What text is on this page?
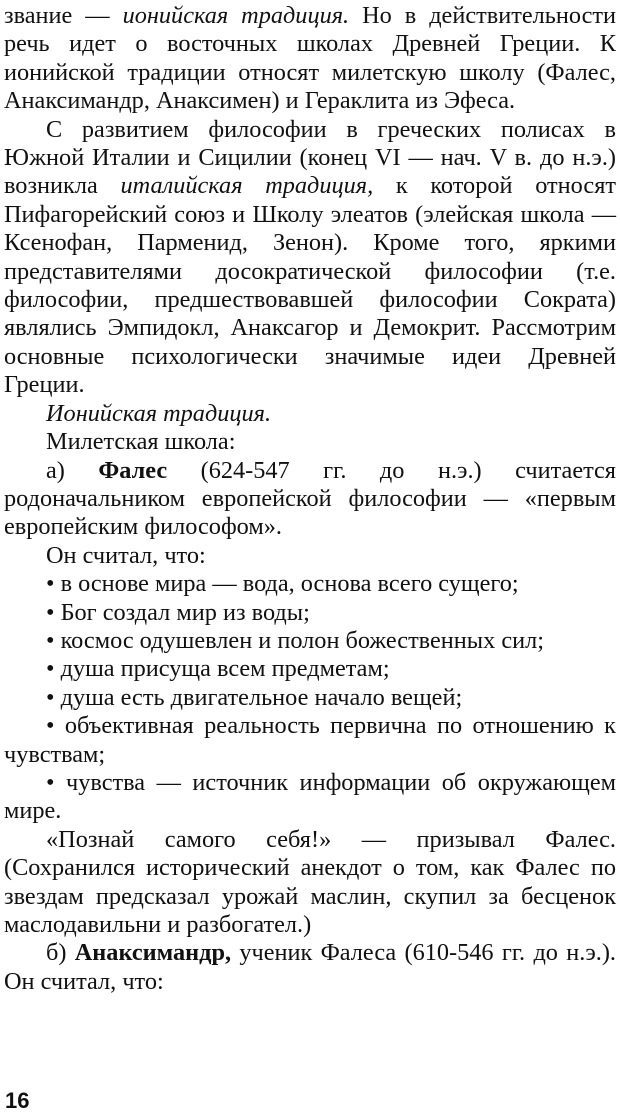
звание — ионийская традиция. Но в действительности речь идет о восточных школах Древней Греции. К ионийской традиции относят милетскую школу (Фалес, Анаксимандр, Анаксимен) и Гераклита из Эфеса.

С развитием философии в греческих полисах в Южной Италии и Сицилии (конец VI — нач. V в. до н.э.) возникла италийская традиция, к которой относят Пифагорейский союз и Школу элеатов (элейская школа — Ксенофан, Парменид, Зенон). Кроме того, яркими представителями досократической философии (т.е. философии, предшествовавшей философии Сократа) являлись Эмпидокл, Анаксагор и Демокрит. Рассмотрим основные психологически значимые идеи Древней Греции.

Ионийская традиция.

Милетская школа:

а) Фалес (624-547 гг. до н.э.) считается родоначальником европейской философии — «первым европейским философом».

Он считал, что:

• в основе мира — вода, основа всего сущего;

• Бог создал мир из воды;

• космос одушевлен и полон божественных сил;

• душа присуща всем предметам;

• душа есть двигательное начало вещей;

• объективная реальность первична по отношению к чувствам;

• чувства — источник информации об окружающем мире.

«Познай самого себя!» — призывал Фалес. (Сохранился исторический анекдот о том, как Фалес по звездам предсказал урожай маслин, скупил за бесценок маслодавильни и разбогател.)

б) Анаксимандр, ученик Фалеса (610-546 гг. до н.э.). Он считал, что:

16
